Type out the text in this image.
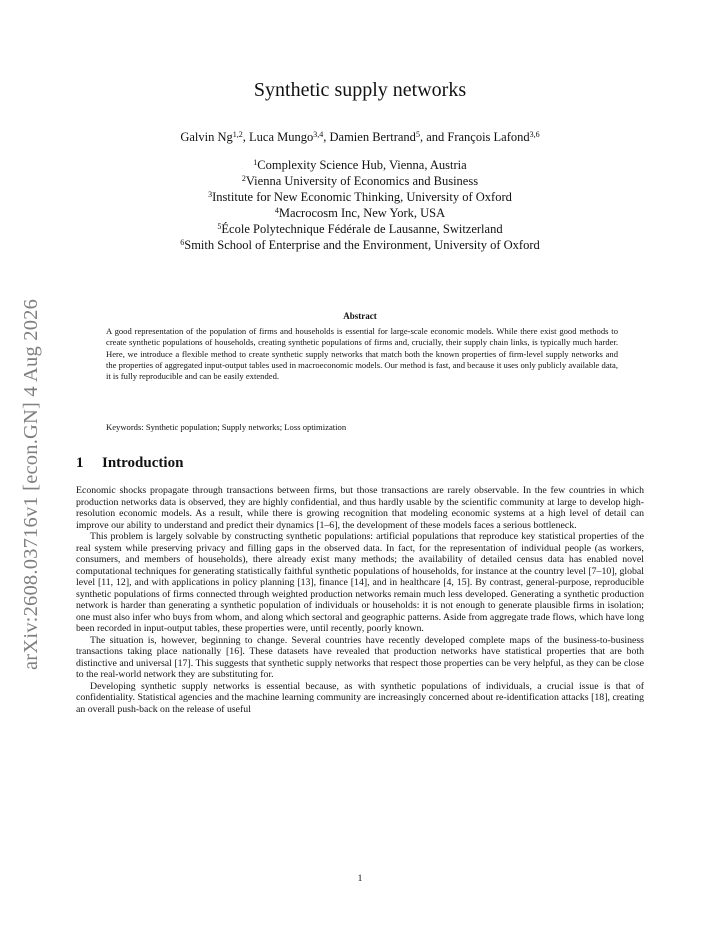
arXiv:2608.03716v1 [econ.GN] 4 Aug 2026
Synthetic supply networks
Galvin Ng$^{1,2}$, Luca Mungo$^{3,4}$, Damien Bertrand$^5$, and François Lafond$^{3,6}$
$^1$Complexity Science Hub, Vienna, Austria
$^2$Vienna University of Economics and Business
$^3$Institute for New Economic Thinking, University of Oxford
$^4$Macrocosm Inc, New York, USA
$^5$École Polytechnique Fédérale de Lausanne, Switzerland
$^6$Smith School of Enterprise and the Environment, University of Oxford
Abstract

A good representation of the population of firms and households is essential for large-scale economic models. While there exist good methods to create synthetic populations of households, creating synthetic populations of firms and, crucially, their supply chain links, is typically much harder. Here, we introduce a flexible method to create synthetic supply networks that match both the known properties of firm-level supply networks and the properties of aggregated input-output tables used in macroeconomic models. Our method is fast, and because it uses only publicly available data, it is fully reproducible and can be easily extended.

Keywords: Synthetic population; Supply networks; Loss optimization
1 Introduction

Economic shocks propagate through transactions between firms, but those transactions are rarely observable. In the few countries in which production networks data is observed, they are highly confidential, and thus hardly usable by the scientific community at large to develop high-resolution economic models. As a result, while there is growing recognition that modeling economic systems at a high level of detail can improve our ability to understand and predict their dynamics [1–6], the development of these models faces a serious bottleneck.

This problem is largely solvable by constructing synthetic populations: artificial populations that reproduce key statistical properties of the real system while preserving privacy and filling gaps in the observed data. In fact, for the representation of individual people (as workers, consumers, and members of households), there already exist many methods; the availability of detailed census data has enabled novel computational techniques for generating statistically faithful synthetic populations of households, for instance at the country level [7–10], global level [11, 12], and with applications in policy planning [13], finance [14], and in healthcare [4, 15]. By contrast, general-purpose, reproducible synthetic populations of firms connected through weighted production networks remain much less developed. Generating a synthetic production network is harder than generating a synthetic population of individuals or households: it is not enough to generate plausible firms in isolation; one must also infer who buys from whom, and along which sectoral and geographic patterns. Aside from aggregate trade flows, which have long been recorded in input-output tables, these properties were, until recently, poorly known.

The situation is, however, beginning to change. Several countries have recently developed complete maps of the business-to-business transactions taking place nationally [16]. These datasets have revealed that production networks have statistical properties that are both distinctive and universal [17]. This suggests that synthetic supply networks that respect those properties can be very helpful, as they can be close to the real-world network they are substituting for.

Developing synthetic supply networks is essential because, as with synthetic populations of individuals, a crucial issue is that of confidentiality. Statistical agencies and the machine learning community are increasingly concerned about re-identification attacks [18], creating an overall push-back on the release of useful

1
